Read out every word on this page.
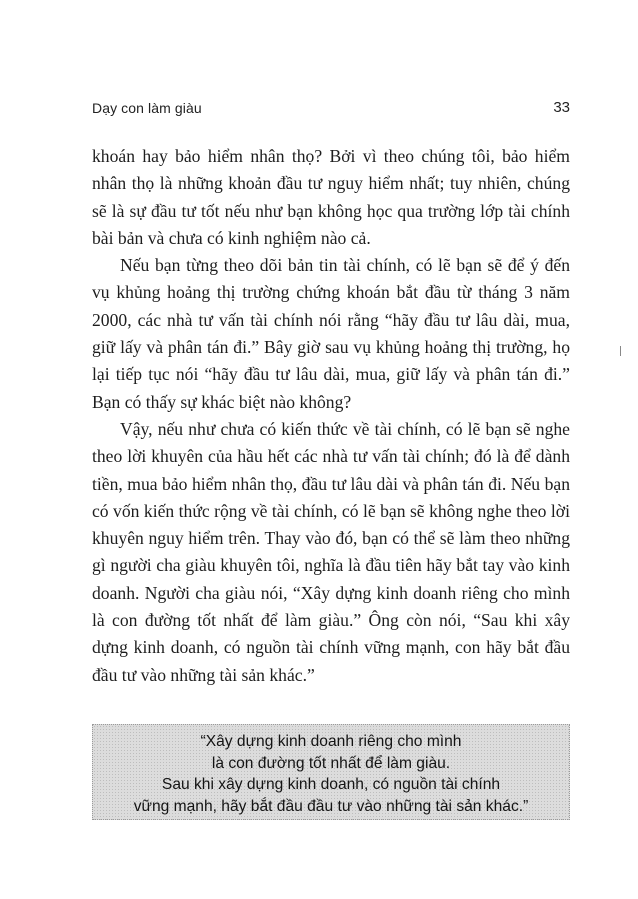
Dạy con làm giàu	33

khoán hay bảo hiểm nhân thọ? Bởi vì theo chúng tôi, bảo hiểm nhân thọ là những khoản đầu tư nguy hiểm nhất; tuy nhiên, chúng sẽ là sự đầu tư tốt nếu như bạn không học qua trường lớp tài chính bài bản và chưa có kinh nghiệm nào cả.

Nếu bạn từng theo dõi bản tin tài chính, có lẽ bạn sẽ để ý đến vụ khủng hoảng thị trường chứng khoán bắt đầu từ tháng 3 năm 2000, các nhà tư vấn tài chính nói rằng “hãy đầu tư lâu dài, mua, giữ lấy và phân tán đi.” Bây giờ sau vụ khủng hoảng thị trường, họ lại tiếp tục nói “hãy đầu tư lâu dài, mua, giữ lấy và phân tán đi.” Bạn có thấy sự khác biệt nào không?

Vậy, nếu như chưa có kiến thức về tài chính, có lẽ bạn sẽ nghe theo lời khuyên của hầu hết các nhà tư vấn tài chính; đó là để dành tiền, mua bảo hiểm nhân thọ, đầu tư lâu dài và phân tán đi. Nếu bạn có vốn kiến thức rộng về tài chính, có lẽ bạn sẽ không nghe theo lời khuyên nguy hiểm trên. Thay vào đó, bạn có thể sẽ làm theo những gì người cha giàu khuyên tôi, nghĩa là đầu tiên hãy bắt tay vào kinh doanh. Người cha giàu nói, “Xây dựng kinh doanh riêng cho mình là con đường tốt nhất để làm giàu.” Ông còn nói, “Sau khi xây dựng kinh doanh, có nguồn tài chính vững mạnh, con hãy bắt đầu đầu tư vào những tài sản khác.”

“Xây dựng kinh doanh riêng cho mình
là con đường tốt nhất để làm giàu.
Sau khi xây dựng kinh doanh, có nguồn tài chính
vững mạnh, hãy bắt đầu đầu tư vào những tài sản khác.”
